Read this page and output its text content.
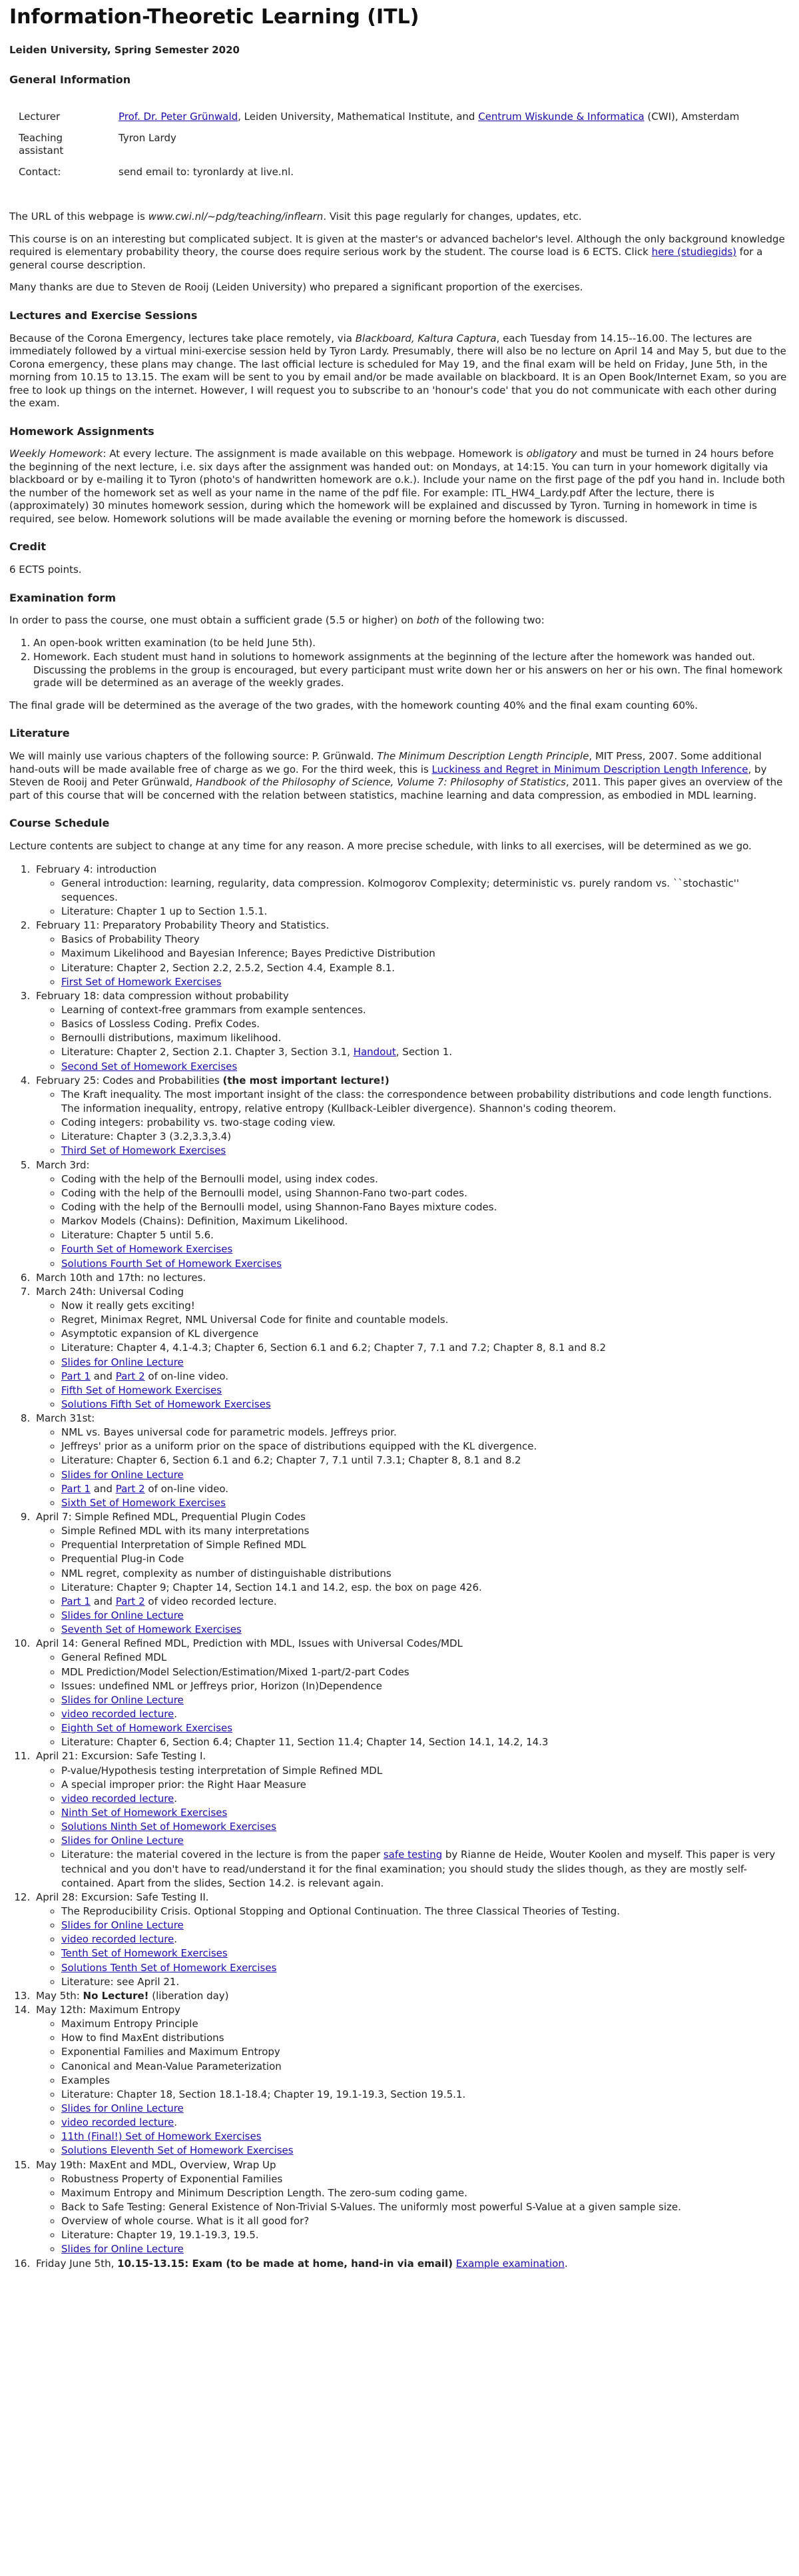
Information-Theoretic Learning (ITL)
Leiden University, Spring Semester 2020
General Information
Lecturer	Prof. Dr. Peter Grünwald, Leiden University, Mathematical Institute, and Centrum Wiskunde & Informatica (CWI), Amsterdam
Teaching assistant	Tyron Lardy
Contact:	send email to: tyronlardy at live.nl.

The URL of this webpage is www.cwi.nl/~pdg/teaching/inflearn. Visit this page regularly for changes, updates, etc.

This course is on an interesting but complicated subject. It is given at the master's or advanced bachelor's level. Although the only background knowledge required is elementary probability theory, the course does require serious work by the student. The course load is 6 ECTS. Click here (studiegids) for a general course description.

Many thanks are due to Steven de Rooij (Leiden University) who prepared a significant proportion of the exercises.

Lectures and Exercise Sessions

Because of the Corona Emergency, lectures take place remotely, via Blackboard, Kaltura Captura, each Tuesday from 14.15--16.00. The lectures are immediately followed by a virtual mini-exercise session held by Tyron Lardy. Presumably, there will also be no lecture on April 14 and May 5, but due to the Corona emergency, these plans may change. The last official lecture is scheduled for May 19, and the final exam will be held on Friday, June 5th, in the morning from 10.15 to 13.15. The exam will be sent to you by email and/or be made available on blackboard. It is an Open Book/Internet Exam, so you are free to look up things on the internet. However, I will request you to subscribe to an 'honour's code' that you do not communicate with each other during the exam.

Homework Assignments

Weekly Homework: At every lecture. The assignment is made available on this webpage. Homework is obligatory and must be turned in 24 hours before the beginning of the next lecture, i.e. six days after the assignment was handed out: on Mondays, at 14:15. You can turn in your homework digitally via blackboard or by e-mailing it to Tyron (photo's of handwritten homework are o.k.). Include your name on the first page of the pdf you hand in. Include both the number of the homework set as well as your name in the name of the pdf file. For example: ITL_HW4_Lardy.pdf After the lecture, there is (approximately) 30 minutes homework session, during which the homework will be explained and discussed by Tyron. Turning in homework in time is required, see below. Homework solutions will be made available the evening or morning before the homework is discussed.

Credit

6 ECTS points.

Examination form

In order to pass the course, one must obtain a sufficient grade (5.5 or higher) on both of the following two:

1. An open-book written examination (to be held June 5th).
2. Homework. Each student must hand in solutions to homework assignments at the beginning of the lecture after the homework was handed out. Discussing the problems in the group is encouraged, but every participant must write down her or his answers on her or his own. The final homework grade will be determined as an average of the weekly grades.

The final grade will be determined as the average of the two grades, with the homework counting 40% and the final exam counting 60%.

Literature

We will mainly use various chapters of the following source: P. Grünwald. The Minimum Description Length Principle, MIT Press, 2007. Some additional hand-outs will be made available free of charge as we go. For the third week, this is Luckiness and Regret in Minimum Description Length Inference, by Steven de Rooij and Peter Grünwald, Handbook of the Philosophy of Science, Volume 7: Philosophy of Statistics, 2011. This paper gives an overview of the part of this course that will be concerned with the relation between statistics, machine learning and data compression, as embodied in MDL learning.

Course Schedule

Lecture contents are subject to change at any time for any reason. A more precise schedule, with links to all exercises, will be determined as we go.

1. February 4: introduction
◦ General introduction: learning, regularity, data compression. Kolmogorov Complexity; deterministic vs. purely random vs. ``stochastic'' sequences.
◦ Literature: Chapter 1 up to Section 1.5.1.
2. February 11: Preparatory Probability Theory and Statistics.
◦ Basics of Probability Theory
◦ Maximum Likelihood and Bayesian Inference; Bayes Predictive Distribution
◦ Literature: Chapter 2, Section 2.2, 2.5.2, Section 4.4, Example 8.1.
◦ First Set of Homework Exercises
3. February 18: data compression without probability
◦ Learning of context-free grammars from example sentences.
◦ Basics of Lossless Coding. Prefix Codes.
◦ Bernoulli distributions, maximum likelihood.
◦ Literature: Chapter 2, Section 2.1. Chapter 3, Section 3.1, Handout, Section 1.
◦ Second Set of Homework Exercises
4. February 25: Codes and Probabilities (the most important lecture!)
◦ The Kraft inequality. The most important insight of the class: the correspondence between probability distributions and code length functions. The information inequality, entropy, relative entropy (Kullback-Leibler divergence). Shannon's coding theorem.
◦ Coding integers: probability vs. two-stage coding view.
◦ Literature: Chapter 3 (3.2,3.3,3.4)
◦ Third Set of Homework Exercises
5. March 3rd:
◦ Coding with the help of the Bernoulli model, using index codes.
◦ Coding with the help of the Bernoulli model, using Shannon-Fano two-part codes.
◦ Coding with the help of the Bernoulli model, using Shannon-Fano Bayes mixture codes.
◦ Markov Models (Chains): Definition, Maximum Likelihood.
◦ Literature: Chapter 5 until 5.6.
◦ Fourth Set of Homework Exercises
◦ Solutions Fourth Set of Homework Exercises
6. March 10th and 17th: no lectures.
7. March 24th: Universal Coding
◦ Now it really gets exciting!
◦ Regret, Minimax Regret, NML Universal Code for finite and countable models.
◦ Asymptotic expansion of KL divergence
◦ Literature: Chapter 4, 4.1-4.3; Chapter 6, Section 6.1 and 6.2; Chapter 7, 7.1 and 7.2; Chapter 8, 8.1 and 8.2
◦ Slides for Online Lecture
◦ Part 1 and Part 2 of on-line video.
◦ Fifth Set of Homework Exercises
◦ Solutions Fifth Set of Homework Exercises
8. March 31st:
◦ NML vs. Bayes universal code for parametric models. Jeffreys prior.
◦ Jeffreys' prior as a uniform prior on the space of distributions equipped with the KL divergence.
◦ Literature: Chapter 6, Section 6.1 and 6.2; Chapter 7, 7.1 until 7.3.1; Chapter 8, 8.1 and 8.2
◦ Slides for Online Lecture
◦ Part 1 and Part 2 of on-line video.
◦ Sixth Set of Homework Exercises
9. April 7: Simple Refined MDL, Prequential Plugin Codes
◦ Simple Refined MDL with its many interpretations
◦ Prequential Interpretation of Simple Refined MDL
◦ Prequential Plug-in Code
◦ NML regret, complexity as number of distinguishable distributions
◦ Literature: Chapter 9; Chapter 14, Section 14.1 and 14.2, esp. the box on page 426.
◦ Part 1 and Part 2 of video recorded lecture.
◦ Slides for Online Lecture
◦ Seventh Set of Homework Exercises
10. April 14: General Refined MDL, Prediction with MDL, Issues with Universal Codes/MDL
◦ General Refined MDL
◦ MDL Prediction/Model Selection/Estimation/Mixed 1-part/2-part Codes
◦ Issues: undefined NML or Jeffreys prior, Horizon (In)Dependence
◦ Slides for Online Lecture
◦ video recorded lecture.
◦ Eighth Set of Homework Exercises
◦ Literature: Chapter 6, Section 6.4; Chapter 11, Section 11.4; Chapter 14, Section 14.1, 14.2, 14.3
11. April 21: Excursion: Safe Testing I.
◦ P-value/Hypothesis testing interpretation of Simple Refined MDL
◦ A special improper prior: the Right Haar Measure
◦ video recorded lecture.
◦ Ninth Set of Homework Exercises
◦ Solutions Ninth Set of Homework Exercises
◦ Slides for Online Lecture
◦ Literature: the material covered in the lecture is from the paper safe testing by Rianne de Heide, Wouter Koolen and myself. This paper is very technical and you don't have to read/understand it for the final examination; you should study the slides though, as they are mostly self-contained. Apart from the slides, Section 14.2. is relevant again.
12. April 28: Excursion: Safe Testing II.
◦ The Reproducibility Crisis. Optional Stopping and Optional Continuation. The three Classical Theories of Testing.
◦ Slides for Online Lecture
◦ video recorded lecture.
◦ Tenth Set of Homework Exercises
◦ Solutions Tenth Set of Homework Exercises
◦ Literature: see April 21.
13. May 5th: No Lecture! (liberation day)
14. May 12th: Maximum Entropy
◦ Maximum Entropy Principle
◦ How to find MaxEnt distributions
◦ Exponential Families and Maximum Entropy
◦ Canonical and Mean-Value Parameterization
◦ Examples
◦ Literature: Chapter 18, Section 18.1-18.4; Chapter 19, 19.1-19.3, Section 19.5.1.
◦ Slides for Online Lecture
◦ video recorded lecture.
◦ 11th (Final!) Set of Homework Exercises
◦ Solutions Eleventh Set of Homework Exercises
15. May 19th: MaxEnt and MDL, Overview, Wrap Up
◦ Robustness Property of Exponential Families
◦ Maximum Entropy and Minimum Description Length. The zero-sum coding game.
◦ Back to Safe Testing: General Existence of Non-Trivial S-Values. The uniformly most powerful S-Value at a given sample size.
◦ Overview of whole course. What is it all good for?
◦ Literature: Chapter 19, 19.1-19.3, 19.5.
◦ Slides for Online Lecture
16. Friday June 5th, 10.15-13.15: Exam (to be made at home, hand-in via email) Example examination.
